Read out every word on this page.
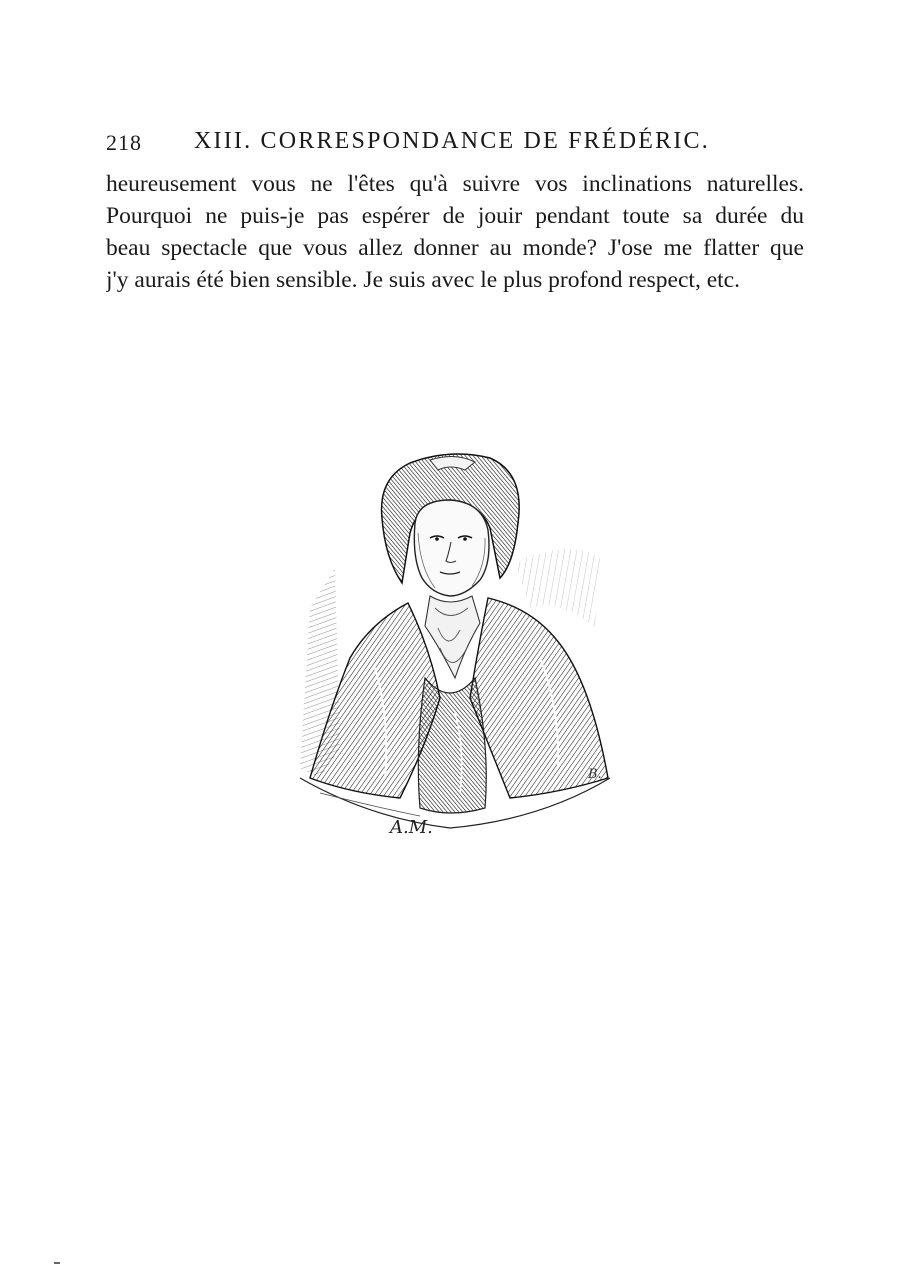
218 XIII. CORRESPONDANCE DE FRÉDÉRIC.
heureusement vous ne l'êtes qu'à suivre vos inclinations naturelles.
Pourquoi ne puis-je pas espérer de jouir pendant toute sa durée du
beau spectacle que vous allez donner au monde? J'ose me flatter que
j'y aurais été bien sensible. Je suis avec le plus profond respect, etc.
A.M.
B.
